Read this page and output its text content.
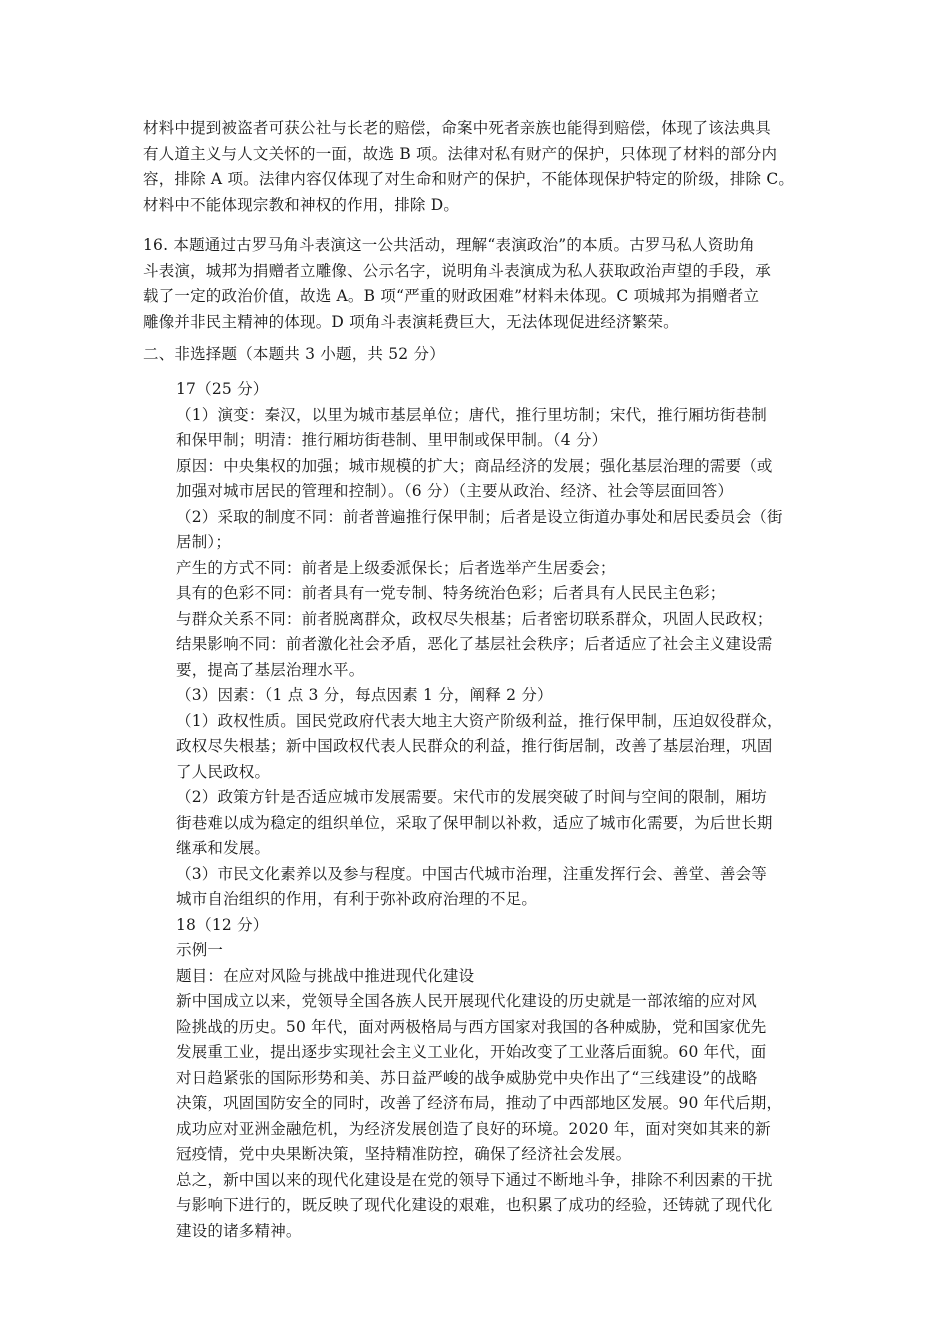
材料中提到被盗者可获公社与长老的赔偿，命案中死者亲族也能得到赔偿，体现了该法典具
有人道主义与人文关怀的一面，故选 B 项。法律对私有财产的保护，只体现了材料的部分内
容，排除 A 项。法律内容仅体现了对生命和财产的保护，不能体现保护特定的阶级，排除 C。
材料中不能体现宗教和神权的作用，排除 D。
16. 本题通过古罗马角斗表演这一公共活动，理解“表演政治”的本质。古罗马私人资助角
斗表演，城邦为捐赠者立雕像、公示名字，说明角斗表演成为私人获取政治声望的手段，承
载了一定的政治价值，故选 A。B 项“严重的财政困难”材料未体现。C 项城邦为捐赠者立
雕像并非民主精神的体现。D 项角斗表演耗费巨大，无法体现促进经济繁荣。
二、非选择题（本题共 3 小题，共 52 分）
17（25 分）
（1）演变：秦汉，以里为城市基层单位；唐代，推行里坊制；宋代，推行厢坊街巷制
和保甲制；明清：推行厢坊街巷制、里甲制或保甲制。（4 分）
原因：中央集权的加强；城市规模的扩大；商品经济的发展；强化基层治理的需要（或
加强对城市居民的管理和控制）。（6 分）（主要从政治、经济、社会等层面回答）
（2）采取的制度不同：前者普遍推行保甲制；后者是设立街道办事处和居民委员会（街
居制）；
产生的方式不同：前者是上级委派保长；后者选举产生居委会；
具有的色彩不同：前者具有一党专制、特务统治色彩；后者具有人民民主色彩；
与群众关系不同：前者脱离群众，政权尽失根基；后者密切联系群众，巩固人民政权；
结果影响不同：前者激化社会矛盾，恶化了基层社会秩序；后者适应了社会主义建设需
要，提高了基层治理水平。
（3）因素：（1 点 3 分，每点因素 1 分，阐释 2 分）
（1）政权性质。国民党政府代表大地主大资产阶级利益，推行保甲制，压迫奴役群众，
政权尽失根基；新中国政权代表人民群众的利益，推行街居制，改善了基层治理，巩固
了人民政权。
（2）政策方针是否适应城市发展需要。宋代市的发展突破了时间与空间的限制，厢坊
街巷难以成为稳定的组织单位，采取了保甲制以补救，适应了城市化需要，为后世长期
继承和发展。
（3）市民文化素养以及参与程度。中国古代城市治理，注重发挥行会、善堂、善会等
城市自治组织的作用，有利于弥补政府治理的不足。
18（12 分）
示例一
题目：在应对风险与挑战中推进现代化建设
新中国成立以来，党领导全国各族人民开展现代化建设的历史就是一部浓缩的应对风
险挑战的历史。50 年代，面对两极格局与西方国家对我国的各种威胁，党和国家优先
发展重工业，提出逐步实现社会主义工业化，开始改变了工业落后面貌。60 年代，面
对日趋紧张的国际形势和美、苏日益严峻的战争威胁党中央作出了“三线建设”的战略
决策，巩固国防安全的同时，改善了经济布局，推动了中西部地区发展。90 年代后期，
成功应对亚洲金融危机，为经济发展创造了良好的环境。2020 年，面对突如其来的新
冠疫情，党中央果断决策，坚持精准防控，确保了经济社会发展。
总之，新中国以来的现代化建设是在党的领导下通过不断地斗争，排除不利因素的干扰
与影响下进行的，既反映了现代化建设的艰难，也积累了成功的经验，还铸就了现代化
建设的诸多精神。
